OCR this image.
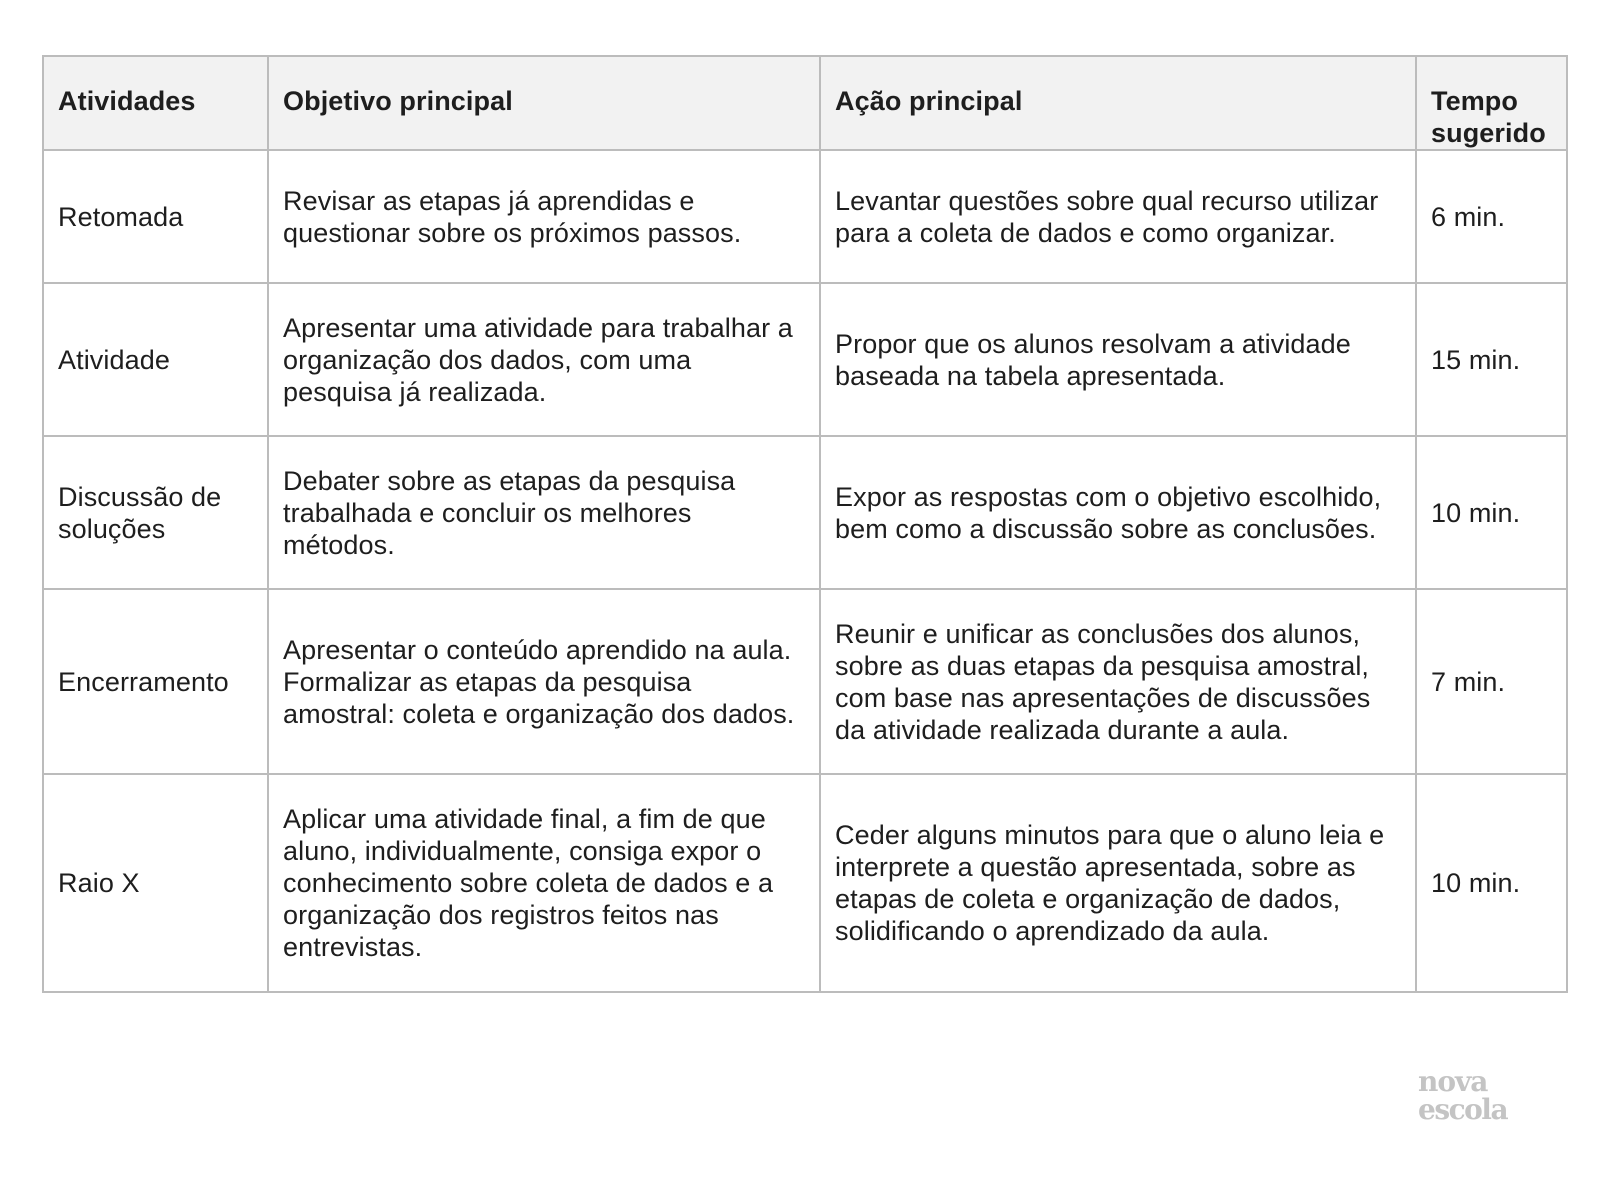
Atividades	Objetivo principal	Ação principal	Tempo sugerido
Retomada	Revisar as etapas já aprendidas e questionar sobre os próximos passos.	Levantar questões sobre qual recurso utilizar para a coleta de dados e como organizar.	6 min.
Atividade	Apresentar uma atividade para trabalhar a organização dos dados, com uma pesquisa já realizada.	Propor que os alunos resolvam a atividade baseada na tabela apresentada.	15 min.
Discussão de soluções	Debater sobre as etapas da pesquisa trabalhada e concluir os melhores métodos.	Expor as respostas com o objetivo escolhido, bem como a discussão sobre as conclusões.	10 min.
Encerramento	Apresentar o conteúdo aprendido na aula. Formalizar as etapas da pesquisa amostral: coleta e organização dos dados.	Reunir e unificar as conclusões dos alunos, sobre as duas etapas da pesquisa amostral, com base nas apresentações de discussões da atividade realizada durante a aula.	7 min.
Raio X	Aplicar uma atividade final, a fim de que aluno, individualmente, consiga expor o conhecimento sobre coleta de dados e a organização dos registros feitos nas entrevistas.	Ceder alguns minutos para que o aluno leia e interprete a questão apresentada, sobre as etapas de coleta e organização de dados, solidificando o aprendizado da aula.	10 min.
nova
escola
